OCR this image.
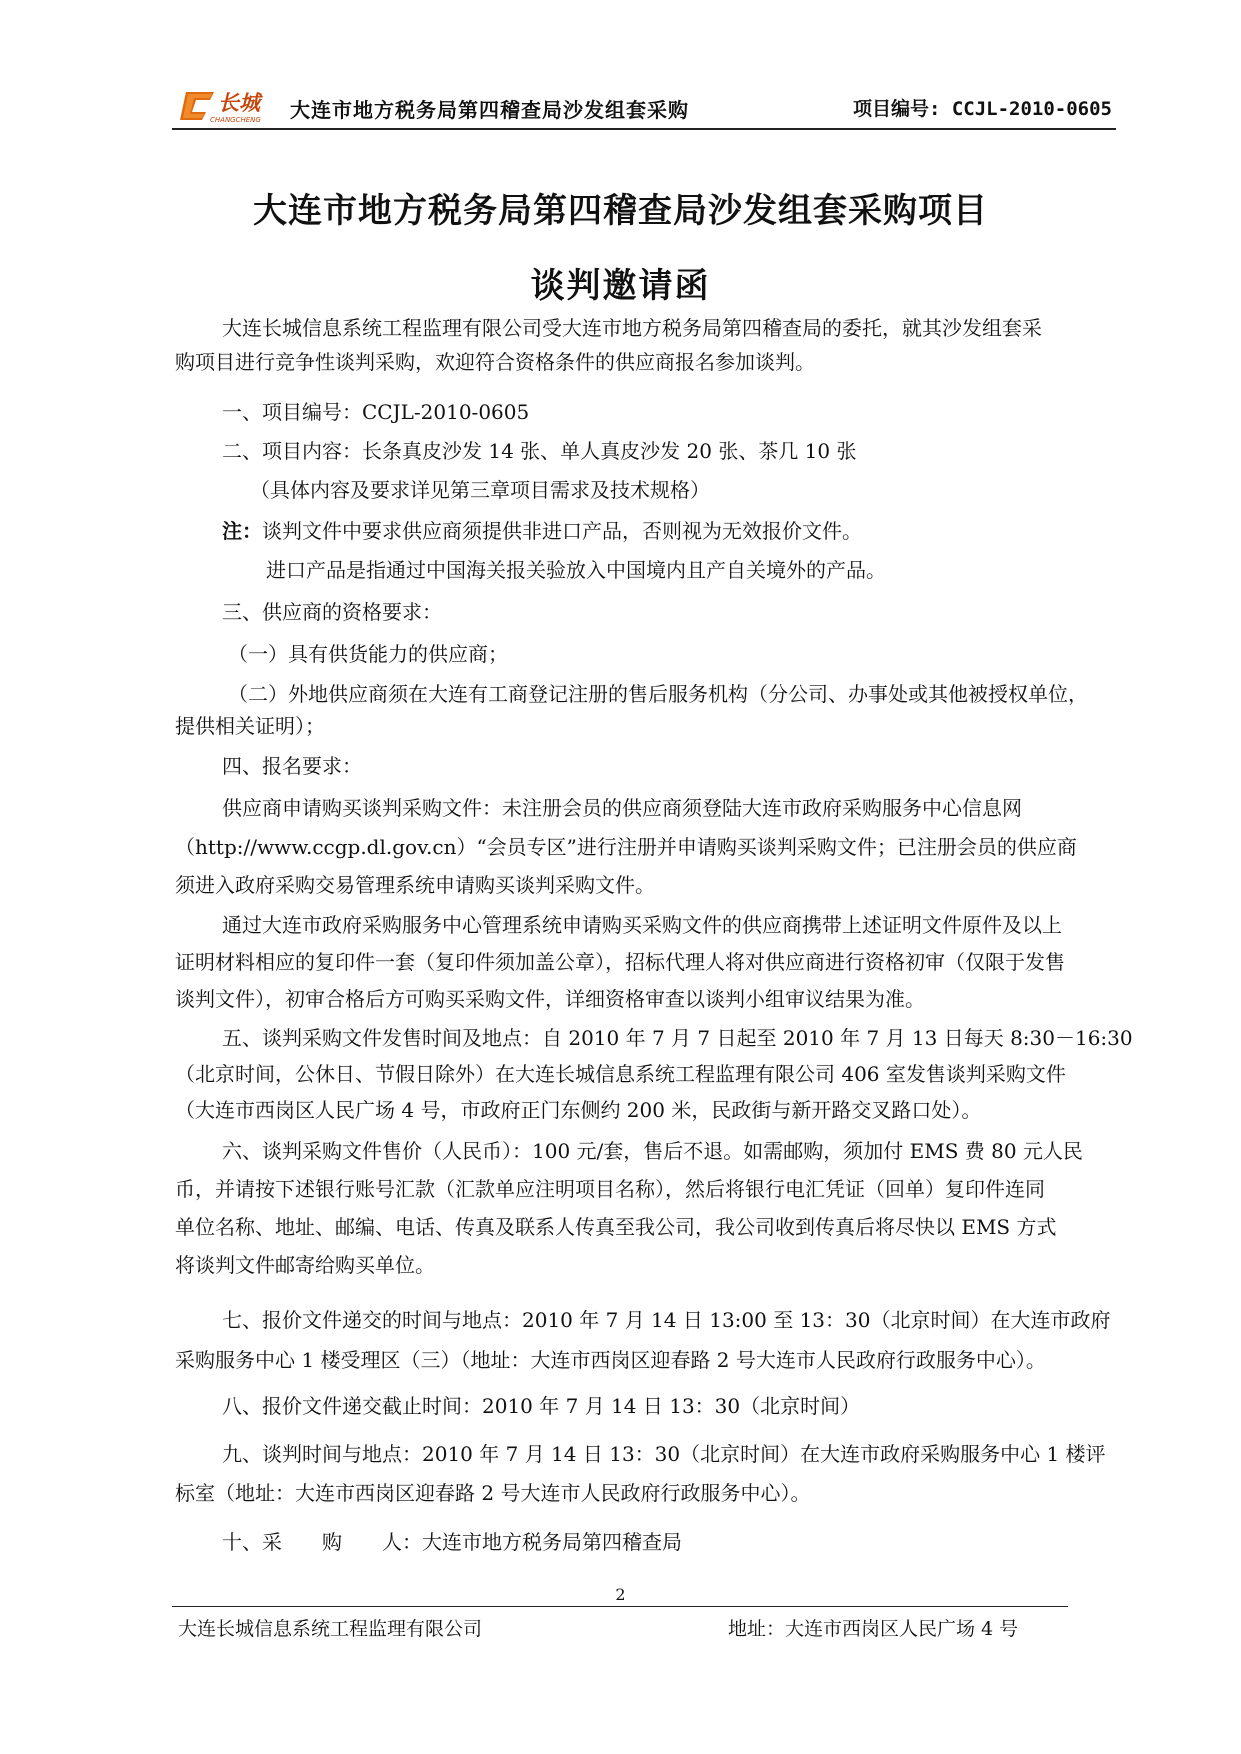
长城
CHANGCHENG 大连市地方税务局第四稽查局沙发组套采购	项目编号: CCJL-2010-0605
大连市地方税务局第四稽查局沙发组套采购项目
谈判邀请函
大连长城信息系统工程监理有限公司受大连市地方税务局第四稽查局的委托，就其沙发组套采
购项目进行竞争性谈判采购，欢迎符合资格条件的供应商报名参加谈判。
一、项目编号：CCJL-2010-0605
二、项目内容：长条真皮沙发 14 张、单人真皮沙发 20 张、茶几 10 张
（具体内容及要求详见第三章项目需求及技术规格）
注：谈判文件中要求供应商须提供非进口产品，否则视为无效报价文件。
进口产品是指通过中国海关报关验放入中国境内且产自关境外的产品。
三、供应商的资格要求：
（一）具有供货能力的供应商；
（二）外地供应商须在大连有工商登记注册的售后服务机构（分公司、办事处或其他被授权单位，
提供相关证明）；
四、报名要求：
供应商申请购买谈判采购文件：未注册会员的供应商须登陆大连市政府采购服务中心信息网
（http://www.ccgp.dl.gov.cn）“会员专区”进行注册并申请购买谈判采购文件；已注册会员的供应商
须进入政府采购交易管理系统申请购买谈判采购文件。
通过大连市政府采购服务中心管理系统申请购买采购文件的供应商携带上述证明文件原件及以上
证明材料相应的复印件一套（复印件须加盖公章），招标代理人将对供应商进行资格初审（仅限于发售
谈判文件），初审合格后方可购买采购文件，详细资格审查以谈判小组审议结果为准。
五、谈判采购文件发售时间及地点：自 2010 年 7 月 7 日起至 2010 年 7 月 13 日每天 8:30－16:30
（北京时间，公休日、节假日除外）在大连长城信息系统工程监理有限公司 406 室发售谈判采购文件
（大连市西岗区人民广场 4 号，市政府正门东侧约 200 米，民政街与新开路交叉路口处）。
六、谈判采购文件售价（人民币）：100 元/套，售后不退。如需邮购，须加付 EMS 费 80 元人民
币，并请按下述银行账号汇款（汇款单应注明项目名称），然后将银行电汇凭证（回单）复印件连同
单位名称、地址、邮编、电话、传真及联系人传真至我公司，我公司收到传真后将尽快以 EMS 方式
将谈判文件邮寄给购买单位。
七、报价文件递交的时间与地点：2010 年 7 月 14 日 13:00 至 13：30（北京时间）在大连市政府
采购服务中心 1 楼受理区（三）（地址：大连市西岗区迎春路 2 号大连市人民政府行政服务中心）。
八、报价文件递交截止时间：2010 年 7 月 14 日 13：30（北京时间）
九、谈判时间与地点：2010 年 7 月 14 日 13：30（北京时间）在大连市政府采购服务中心 1 楼评
标室（地址：大连市西岗区迎春路 2 号大连市人民政府行政服务中心）。
十、采　　购　　人：大连市地方税务局第四稽查局
2
大连长城信息系统工程监理有限公司	地址：大连市西岗区人民广场 4 号
